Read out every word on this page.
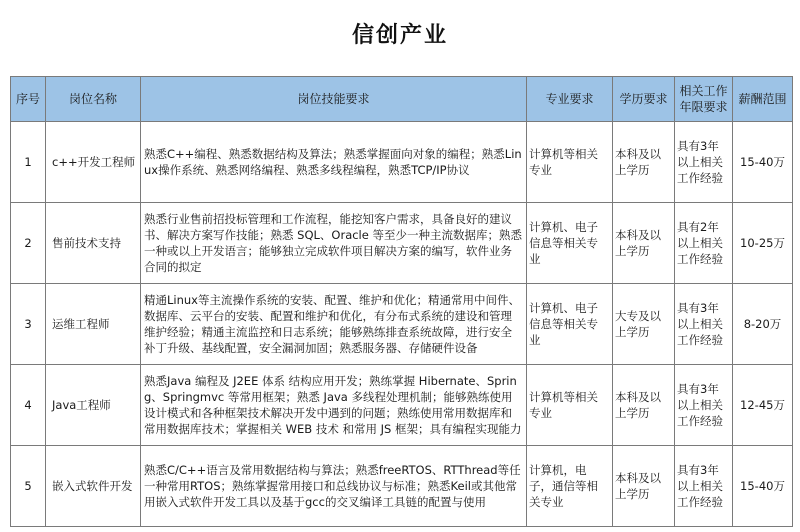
信创产业
序号	岗位名称	岗位技能要求	专业要求	学历要求	相关工作年限要求	薪酬范围
1	c++开发工程师	熟悉C++编程、熟悉数据结构及算法；熟悉掌握面向对象的编程；熟悉Linux操作系统、熟悉网络编程、熟悉多线程编程，熟悉TCP/IP协议	计算机等相关专业	本科及以上学历	具有3年以上相关工作经验	15-40万
2	售前技术支持	熟悉行业售前招投标管理和工作流程，能挖知客户需求，具备良好的建议书、解决方案写作技能；熟悉 SQL、Oracle 等至少一种主流数据库；熟悉一种或以上开发语言；能够独立完成软件项目解决方案的编写，软件业务合同的拟定	计算机、电子信息等相关专业	本科及以上学历	具有2年以上相关工作经验	10-25万
3	运维工程师	精通Linux等主流操作系统的安装、配置、维护和优化；精通常用中间件、数据库、云平台的安装、配置和维护和优化，有分布式系统的建设和管理维护经验；精通主流监控和日志系统；能够熟练排查系统故障，进行安全补丁升级、基线配置，安全漏洞加固；熟悉服务器、存储硬件设备	计算机、电子信息等相关专业	大专及以上学历	具有3年以上相关工作经验	8-20万
4	Java工程师	熟悉Java 编程及 J2EE 体系 结构应用开发；熟练掌握 Hibernate、Spring、Springmvc 等常用框架；熟悉 Java 多线程处理机制；能够熟练使用设计模式和各种框架技术解决开发中遇到的问题；熟练使用常用数据库和常用数据库技术；掌握相关 WEB 技术 和常用 JS 框架；具有编程实现能力	计算机等相关专业	本科及以上学历	具有3年以上相关工作经验	12-45万
5	嵌入式软件开发	熟悉C/C++语言及常用数据结构与算法；熟悉freeRTOS、RTThread等任一种常用RTOS；熟练掌握常用接口和总线协议与标准；熟悉Keil或其他常用嵌入式软件开发工具以及基于gcc的交叉编译工具链的配置与使用	计算机，电子，通信等相关专业	本科及以上学历	具有3年以上相关工作经验	15-40万
